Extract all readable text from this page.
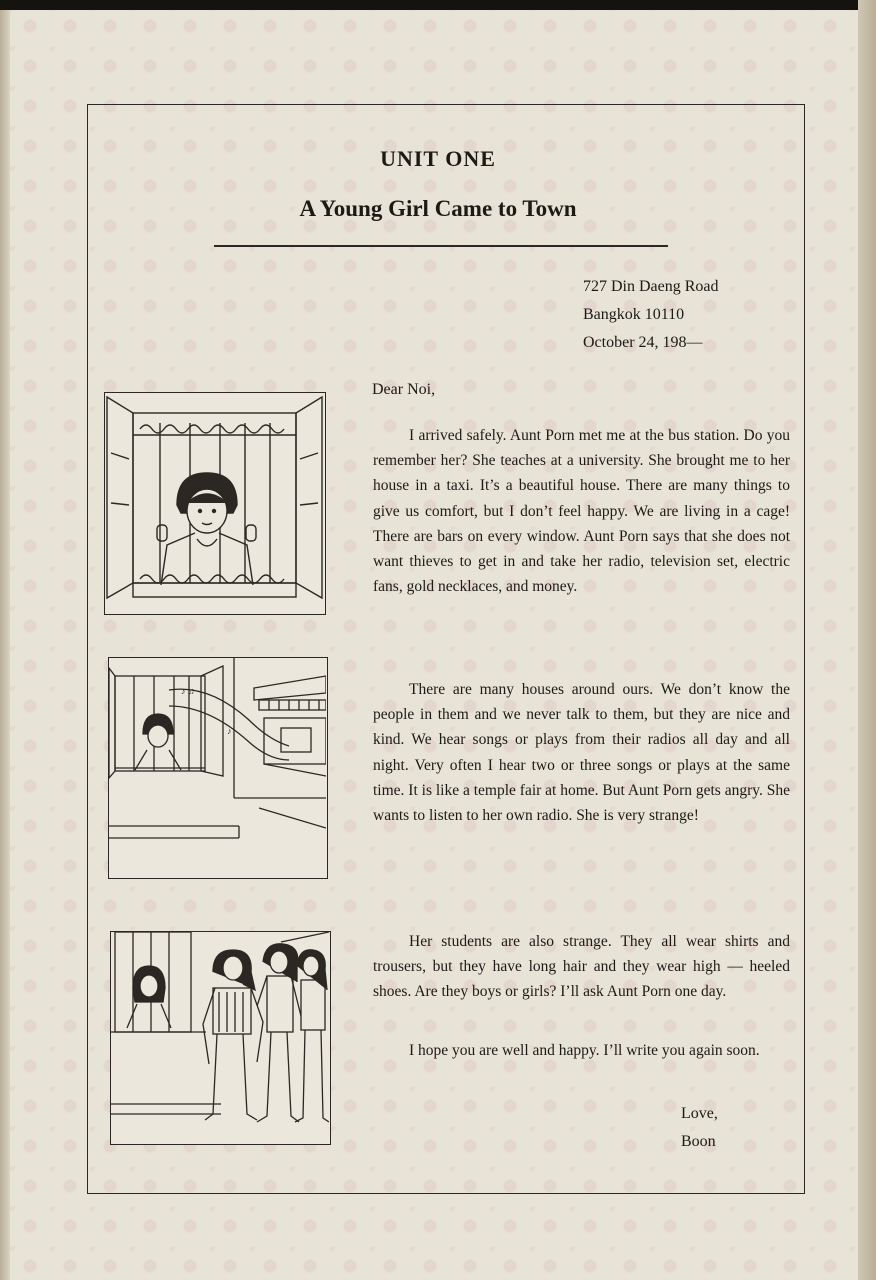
UNIT ONE
A Young Girl Came to Town
727 Din Daeng Road
Bangkok 10110
October 24, 198—
Dear Noi,

I arrived safely. Aunt Porn met me at the bus station. Do you remember her? She teaches at a university. She brought me to her house in a taxi. It’s a beautiful house. There are many things to give us comfort, but I don’t feel happy. We are living in a cage! There are bars on every window. Aunt Porn says that she does not want thieves to get in and take her radio, television set, electric fans, gold necklaces, and money.

There are many houses around ours. We don’t know the people in them and we never talk to them, but they are nice and kind. We hear songs or plays from their radios all day and all night. Very often I hear two or three songs or plays at the same time. It is like a temple fair at home. But Aunt Porn gets angry. She wants to listen to her own radio. She is very strange!

Her students are also strange. They all wear shirts and trousers, but they have long hair and they wear high — heeled shoes. Are they boys or girls? I’ll ask Aunt Porn one day.

I hope you are well and happy. I’ll write you again soon.

Love,
Boon
♪ ♫
♪
